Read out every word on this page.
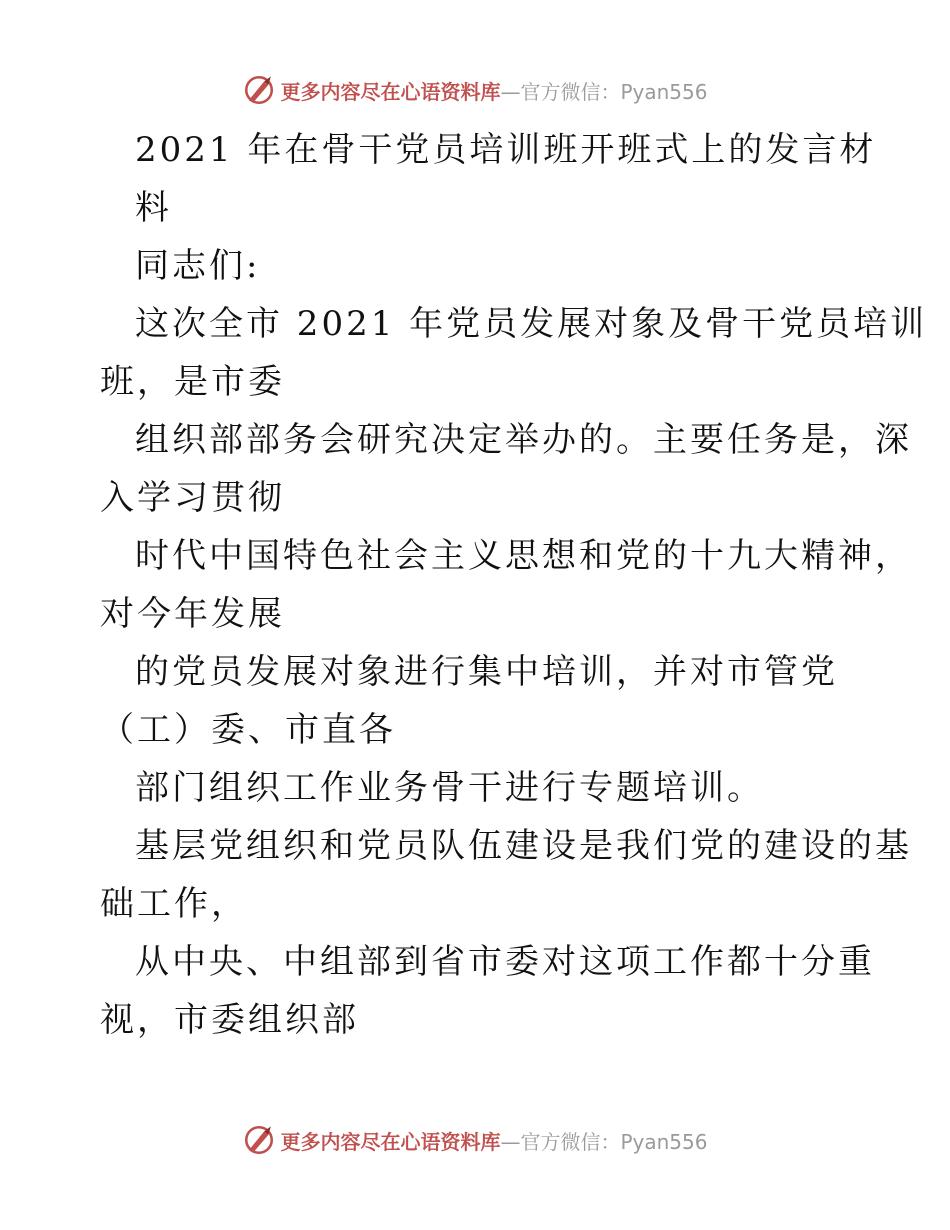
更多内容尽在心语资料库 —官方微信：Pyan556
2021 年在骨干党员培训班开班式上的发言材
料
同志们:
这次全市 2021 年党员发展对象及骨干党员培训
班，是市委
组织部部务会研究决定举办的。主要任务是，深
入学习贯彻
时代中国特色社会主义思想和党的十九大精神，
对今年发展
的党员发展对象进行集中培训，并对市管党
（工）委、市直各
部门组织工作业务骨干进行专题培训。
基层党组织和党员队伍建设是我们党的建设的基
础工作，
从中央、中组部到省市委对这项工作都十分重
视，市委组织部
更多内容尽在心语资料库 —官方微信：Pyan556
